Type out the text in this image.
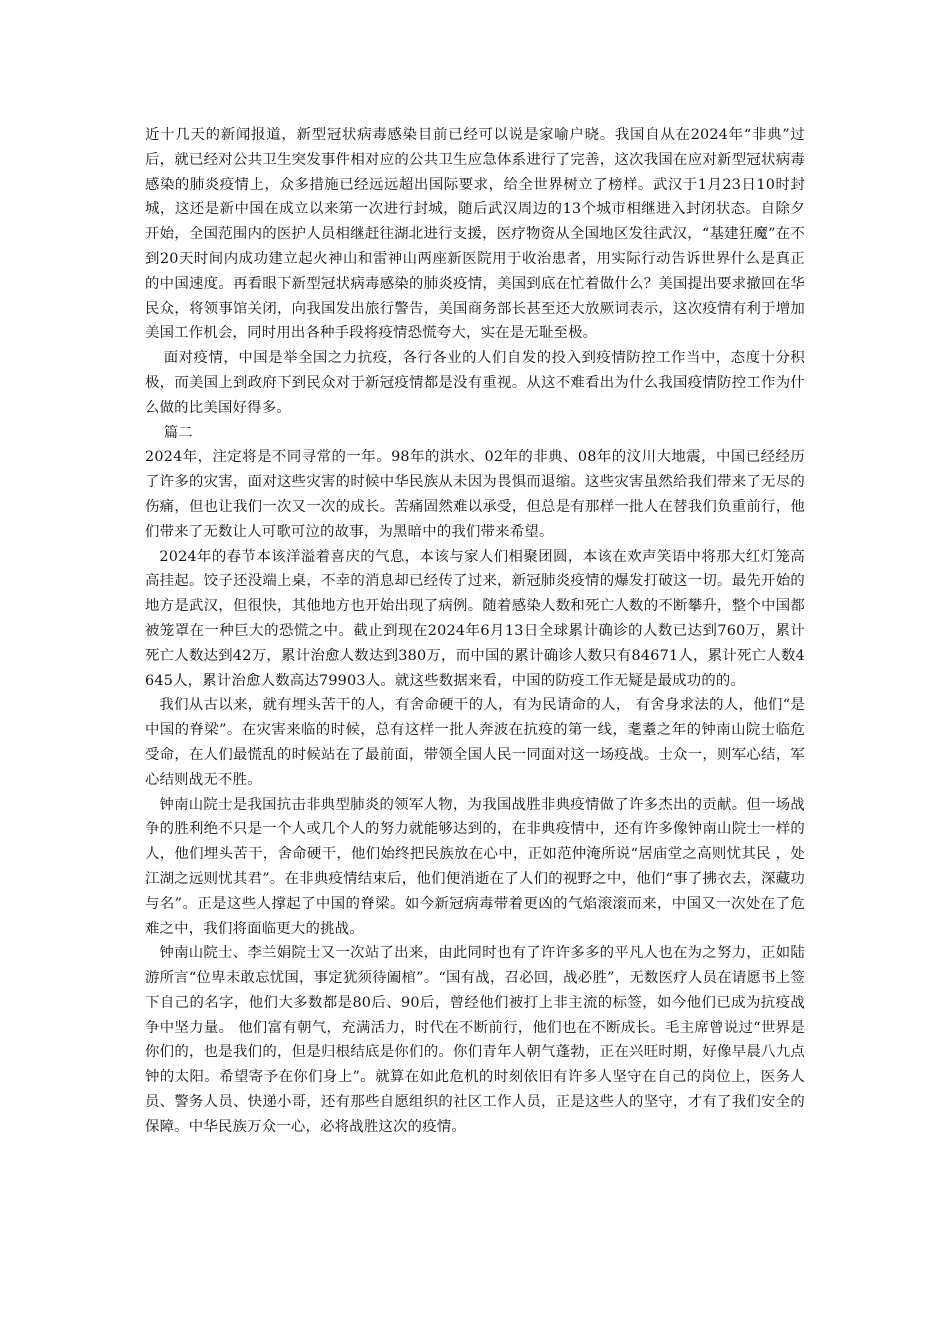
近十几天的新闻报道，新型冠状病毒感染目前已经可以说是家喻户晓。我国自从在2024年“非典”过后，就已经对公共卫生突发事件相对应的公共卫生应急体系进行了完善，这次我国在应对新型冠状病毒感染的肺炎疫情上，众多措施已经远远超出国际要求，给全世界树立了榜样。武汉于1月23日10时封城，这还是新中国在成立以来第一次进行封城，随后武汉周边的13个城市相继进入封闭状态。自除夕开始，全国范围内的医护人员相继赶往湖北进行支援，医疗物资从全国地区发往武汉，“基建狂魔”在不到20天时间内成功建立起火神山和雷神山两座新医院用于收治患者，用实际行动告诉世界什么是真正的中国速度。再看眼下新型冠状病毒感染的肺炎疫情，美国到底在忙着做什么？美国提出要求撤回在华民众，将领事馆关闭，向我国发出旅行警告，美国商务部长甚至还大放厥词表示，这次疫情有利于增加美国工作机会，同时用出各种手段将疫情恐慌夸大，实在是无耻至极。

面对疫情，中国是举全国之力抗疫，各行各业的人们自发的投入到疫情防控工作当中，态度十分积极，而美国上到政府下到民众对于新冠疫情都是没有重视。从这不难看出为什么我国疫情防控工作为什么做的比美国好得多。

篇二

2024年，注定将是不同寻常的一年。98年的洪水、02年的非典、08年的汶川大地震，中国已经经历了许多的灾害，面对这些灾害的时候中华民族从未因为畏惧而退缩。这些灾害虽然给我们带来了无尽的伤痛，但也让我们一次又一次的成长。苦痛固然难以承受，但总是有那样一批人在替我们负重前行，他们带来了无数让人可歌可泣的故事，为黑暗中的我们带来希望。

2024年的春节本该洋溢着喜庆的气息，本该与家人们相聚团圆，本该在欢声笑语中将那大红灯笼高高挂起。饺子还没端上桌，不幸的消息却已经传了过来，新冠肺炎疫情的爆发打破这一切。最先开始的地方是武汉，但很快，其他地方也开始出现了病例。随着感染人数和死亡人数的不断攀升，整个中国都被笼罩在一种巨大的恐慌之中。截止到现在2024年6月13日全球累计确诊的人数已达到760万，累计死亡人数达到42万，累计治愈人数达到380万，而中国的累计确诊人数只有84671人，累计死亡人数4645人，累计治愈人数高达79903人。就这些数据来看，中国的防疫工作无疑是最成功的的。

我们从古以来，就有埋头苦干的人，有舍命硬干的人，有为民请命的人， 有舍身求法的人，他们“是中国的脊梁”。在灾害来临的时候，总有这样一批人奔波在抗疫的第一线，耄耋之年的钟南山院士临危受命，在人们最慌乱的时候站在了最前面，带领全国人民一同面对这一场疫战。士众一，则军心结，军心结则战无不胜。

钟南山院士是我国抗击非典型肺炎的领军人物，为我国战胜非典疫情做了许多杰出的贡献。但一场战争的胜利绝不只是一个人或几个人的努力就能够达到的，在非典疫情中，还有许多像钟南山院士一样的人，他们埋头苦干，舍命硬干，他们始终把民族放在心中，正如范仲淹所说“居庙堂之高则忧其民 ，处江湖之远则忧其君”。在非典疫情结束后，他们便消逝在了人们的视野之中，他们“事了拂衣去，深藏功与名”。正是这些人撑起了中国的脊梁。如今新冠病毒带着更凶的气焰滚滚而来，中国又一次处在了危难之中，我们将面临更大的挑战。

钟南山院士、李兰娟院士又一次站了出来，由此同时也有了许许多多的平凡人也在为之努力，正如陆游所言“位卑未敢忘忧国，事定犹须待阖棺”。“国有战，召必回，战必胜”，无数医疗人员在请愿书上签下自己的名字，他们大多数都是80后、90后，曾经他们被打上非主流的标签，如今他们已成为抗疫战争中坚力量。 他们富有朝气，充满活力，时代在不断前行，他们也在不断成长。毛主席曾说过“世界是你们的，也是我们的，但是归根结底是你们的。你们青年人朝气蓬勃，正在兴旺时期，好像早晨八九点钟的太阳。希望寄予在你们身上”。就算在如此危机的时刻依旧有许多人坚守在自己的岗位上，医务人员、警务人员、快递小哥，还有那些自愿组织的社区工作人员，正是这些人的坚守，才有了我们安全的保障。中华民族万众一心，必将战胜这次的疫情。
